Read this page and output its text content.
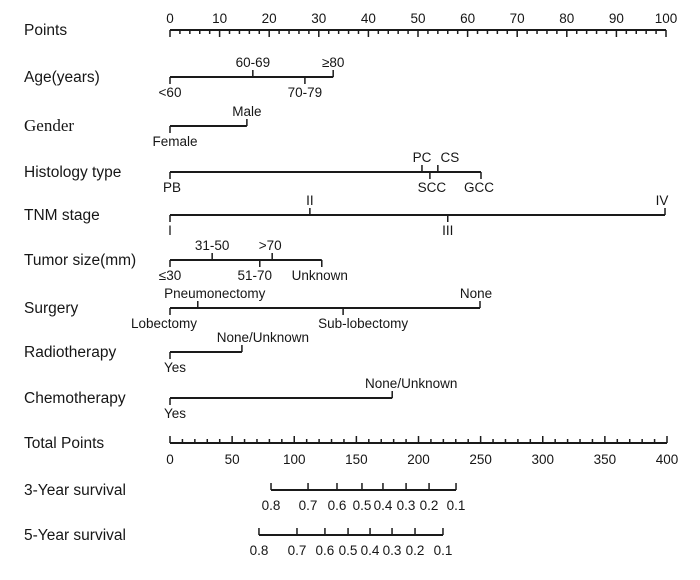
Points
0	10	20	30	40	50	60	70	80	90 100
Age(years)
<60
60-69
70-79
≥80
Gender
Female
Male
Histology type
PB
PC
SCC
CS
GCC
TNM stage
I
II
III
IV
Tumor size(mm)
≤30
31-50
51-70
>70
Unknown
Surgery
Lobectomy
Pneumonectomy
Sub-lobectomy
None
Radiotherapy
Yes
None/Unknown
Chemotherapy
Yes
None/Unknown
Total Points
0	50	100	150	200	250	300	350	400
3-Year survival
0.8 0.7 0.6 0.5 0.4 0.3 0.2 0.1
5-Year survival
0.8 0.7 0.6 0.5 0.4 0.3 0.2 0.1
